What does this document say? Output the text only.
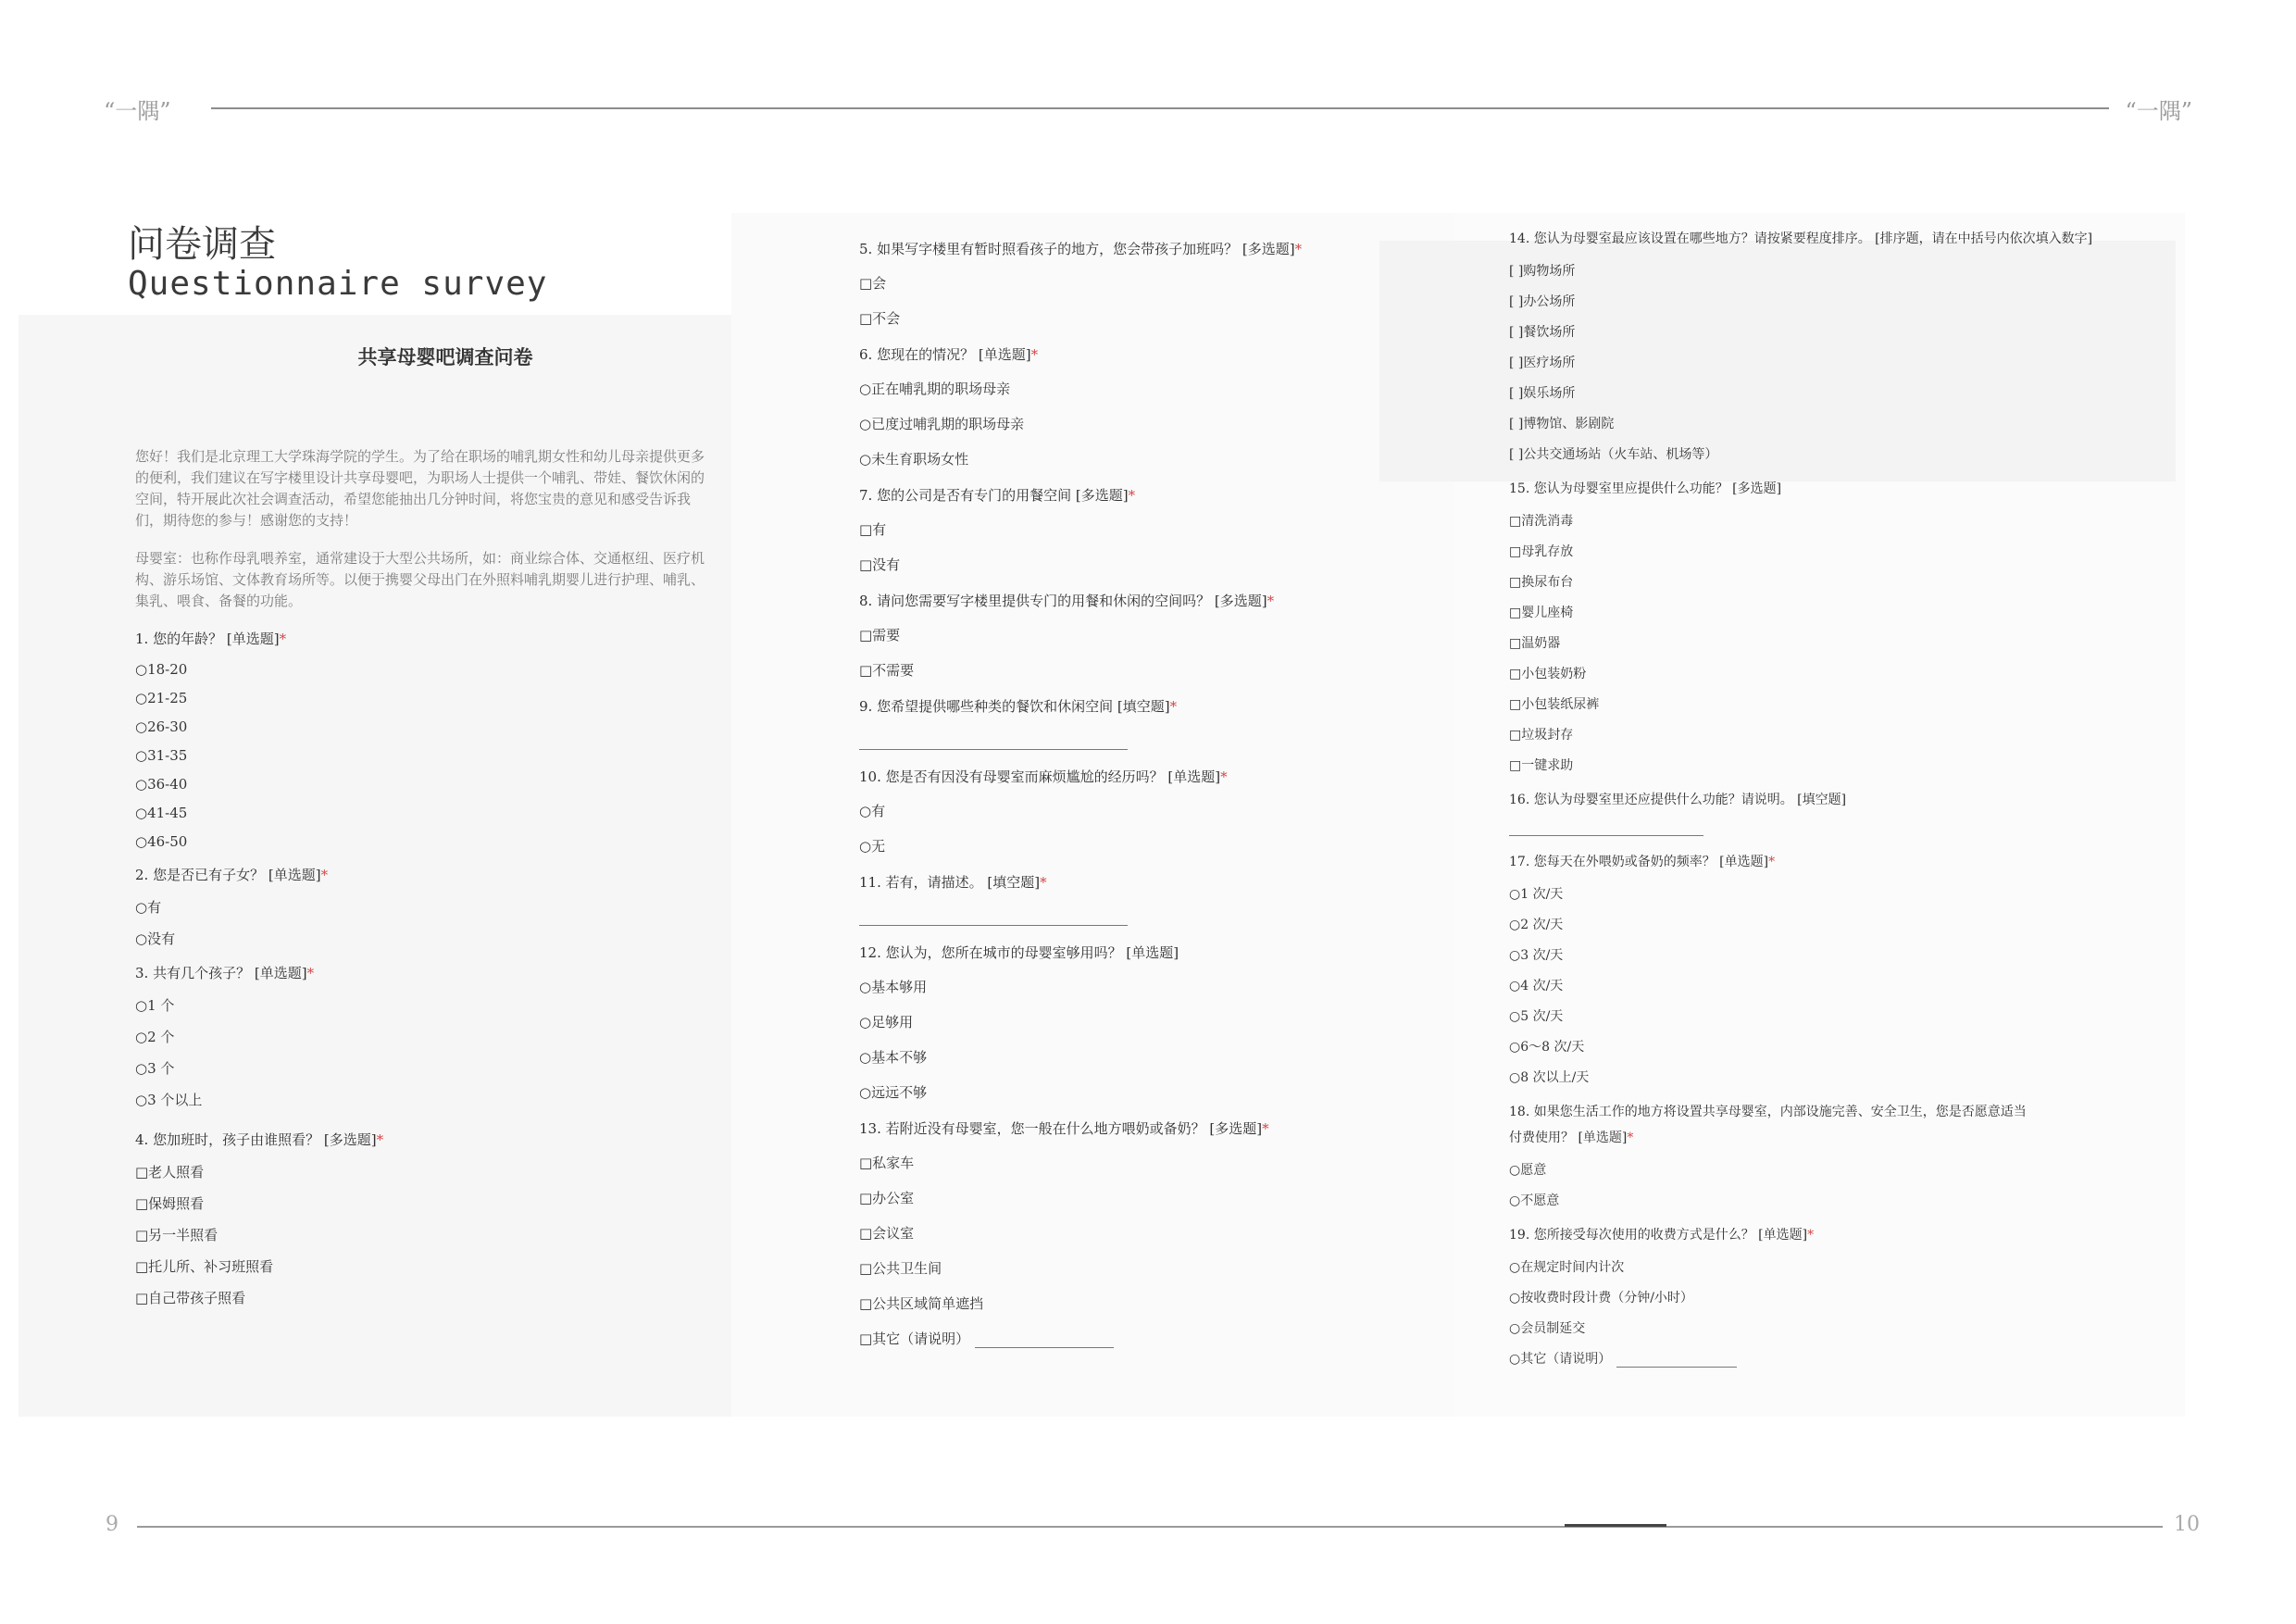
“一隅”	“一隅”
9	10
问卷调查
Questionnaire survey

共享母婴吧调查问卷

您好！我们是北京理工大学珠海学院的学生。为了给在职场的哺乳期女性和幼儿母亲提供更多的便利，我们建议在写字楼里设计共享母婴吧，为职场人士提供一个哺乳、带娃、餐饮休闲的空间，特开展此次社会调查活动，希望您能抽出几分钟时间，将您宝贵的意见和感受告诉我们，期待您的参与！感谢您的支持！

母婴室：也称作母乳喂养室，通常建设于大型公共场所，如：商业综合体、交通枢纽、医疗机构、游乐场馆、文体教育场所等。以便于携婴父母出门在外照料哺乳期婴儿进行护理、哺乳、集乳、喂食、备餐的功能。

1. 您的年龄？ [单选题]*

○18-20

○21-25

○26-30

○31-35

○36-40

○41-45

○46-50

2. 您是否已有子女？ [单选题]*

○有

○没有

3. 共有几个孩子？ [单选题]*

○1 个

○2 个

○3 个

○3 个以上

4. 您加班时，孩子由谁照看？ [多选题]*

□老人照看

□保姆照看

□另一半照看

□托儿所、补习班照看

□自己带孩子照看

5. 如果写字楼里有暂时照看孩子的地方，您会带孩子加班吗？ [多选题]*

□会

□不会

6. 您现在的情况？ [单选题]*

○正在哺乳期的职场母亲

○已度过哺乳期的职场母亲

○未生育职场女性

7. 您的公司是否有专门的用餐空间 [多选题]*

□有

□没有

8. 请问您需要写字楼里提供专门的用餐和休闲的空间吗？ [多选题]*

□需要

□不需要

9. 您希望提供哪些种类的餐饮和休闲空间 [填空题]*

10. 您是否有因没有母婴室而麻烦尴尬的经历吗？ [单选题]*

○有

○无

11. 若有，请描述。 [填空题]*

12. 您认为，您所在城市的母婴室够用吗？ [单选题]

○基本够用

○足够用

○基本不够

○远远不够

13. 若附近没有母婴室，您一般在什么地方喂奶或备奶？ [多选题]*

□私家车

□办公室

□会议室

□公共卫生间

□公共区域简单遮挡

□其它（请说明）

14. 您认为母婴室最应该设置在哪些地方？请按紧要程度排序。 [排序题，请在中括号内依次填入数字]

[ ]购物场所

[ ]办公场所

[ ]餐饮场所

[ ]医疗场所

[ ]娱乐场所

[ ]博物馆、影剧院

[ ]公共交通场站（火车站、机场等）

15. 您认为母婴室里应提供什么功能？ [多选题]

□清洗消毒

□母乳存放

□换尿布台

□婴儿座椅

□温奶器

□小包装奶粉

□小包装纸尿裤

□垃圾封存

□一键求助

16. 您认为母婴室里还应提供什么功能？请说明。 [填空题]

17. 您每天在外喂奶或备奶的频率？ [单选题]*

○1 次/天

○2 次/天

○3 次/天

○4 次/天

○5 次/天

○6～8 次/天

○8 次以上/天

18. 如果您生活工作的地方将设置共享母婴室，内部设施完善、安全卫生，您是否愿意适当付费使用？ [单选题]*

○愿意

○不愿意

19. 您所接受每次使用的收费方式是什么？ [单选题]*

○在规定时间内计次

○按收费时段计费（分钟/小时）

○会员制延交

○其它（请说明）
